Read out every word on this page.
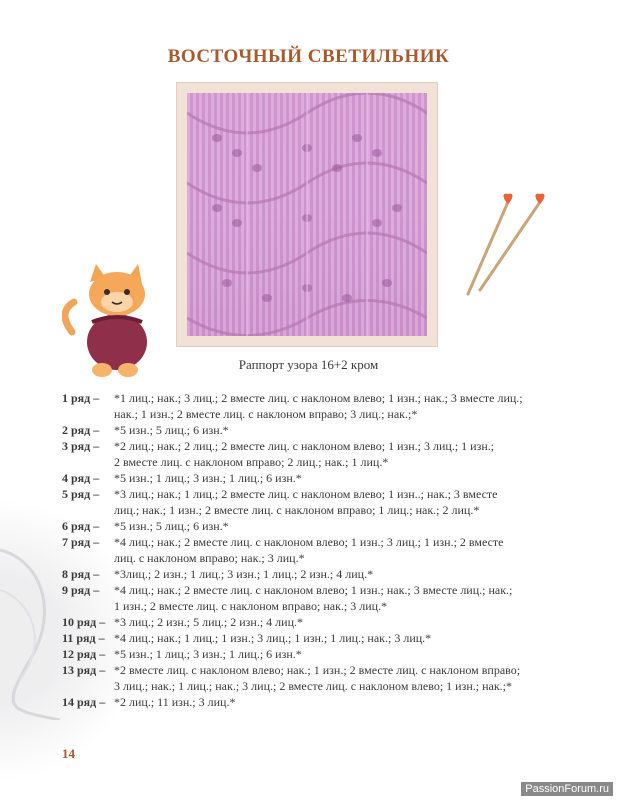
ВОСТОЧНЫЙ СВЕТИЛЬНИК
Раппорт узора 16+2 кром
1 ряд –	*1 лиц.; нак.; 3 лиц.; 2 вместе лиц. с наклоном влево; 1 изн.; нак.; 3 вместе лиц.;
нак.; 1 изн.; 2 вместе лиц. с наклоном вправо; 3 лиц.; нак.;*
2 ряд –	*5 изн.; 5 лиц.; 6 изн.*
3 ряд –	*2 лиц.; нак.; 2 лиц.; 2 вместе лиц. с наклоном влево; 1 изн.; 3 лиц.; 1 изн.;
2 вместе лиц. с наклоном вправо; 2 лиц.; нак.; 1 лиц.*
4 ряд –	*5 изн.; 1 лиц.; 3 изн.; 1 лиц.; 6 изн.*
5 ряд –	*3 лиц.; нак.; 1 лиц.; 2 вместе лиц. с наклоном влево; 1 изн..; нак.; 3 вместе
лиц.; нак.; 1 изн.; 2 вместе лиц. с наклоном вправо; 1 лиц.; нак.; 2 лиц.*
6 ряд –	*5 изн.; 5 лиц.; 6 изн.*
7 ряд –	*4 лиц.; нак.; 2 вместе лиц. с наклоном влево; 1 изн.; 3 лиц.; 1 изн.; 2 вместе
лиц. с наклоном вправо; нак.; 3 лиц.*
8 ряд –	*3лиц.; 2 изн.; 1 лиц.; 3 изн.; 1 лиц.; 2 изн.; 4 лиц.*
9 ряд –	*4 лиц.; нак.; 2 вместе лиц. с наклоном влево; 1 изн.; нак.; 3 вместе лиц.; нак.;
1 изн.; 2 вместе лиц. с наклоном вправо; нак.; 3 лиц.*
10 ряд – *3 лиц.; 2 изн.; 5 лиц.; 2 изн.; 4 лиц.*
11 ряд – *4 лиц.; нак.; 1 лиц.; 1 изн.; 3 лиц.; 1 изн.; 1 лиц.; нак.; 3 лиц.*
12 ряд – *5 изн.; 1 лиц.; 3 изн.; 1 лиц.; 6 изн.*
13 ряд – *2 вместе лиц. с наклоном влево; нак.; 1 изн.; 2 вместе лиц. с наклоном вправо;
3 лиц.; нак.; 1 лиц.; нак.; 3 лиц.; 2 вместе лиц. с наклоном влево; 1 изн.; нак.;*
14 ряд – *2 лиц.; 11 изн.; 3 лиц.*
14
PassionForum.ru
